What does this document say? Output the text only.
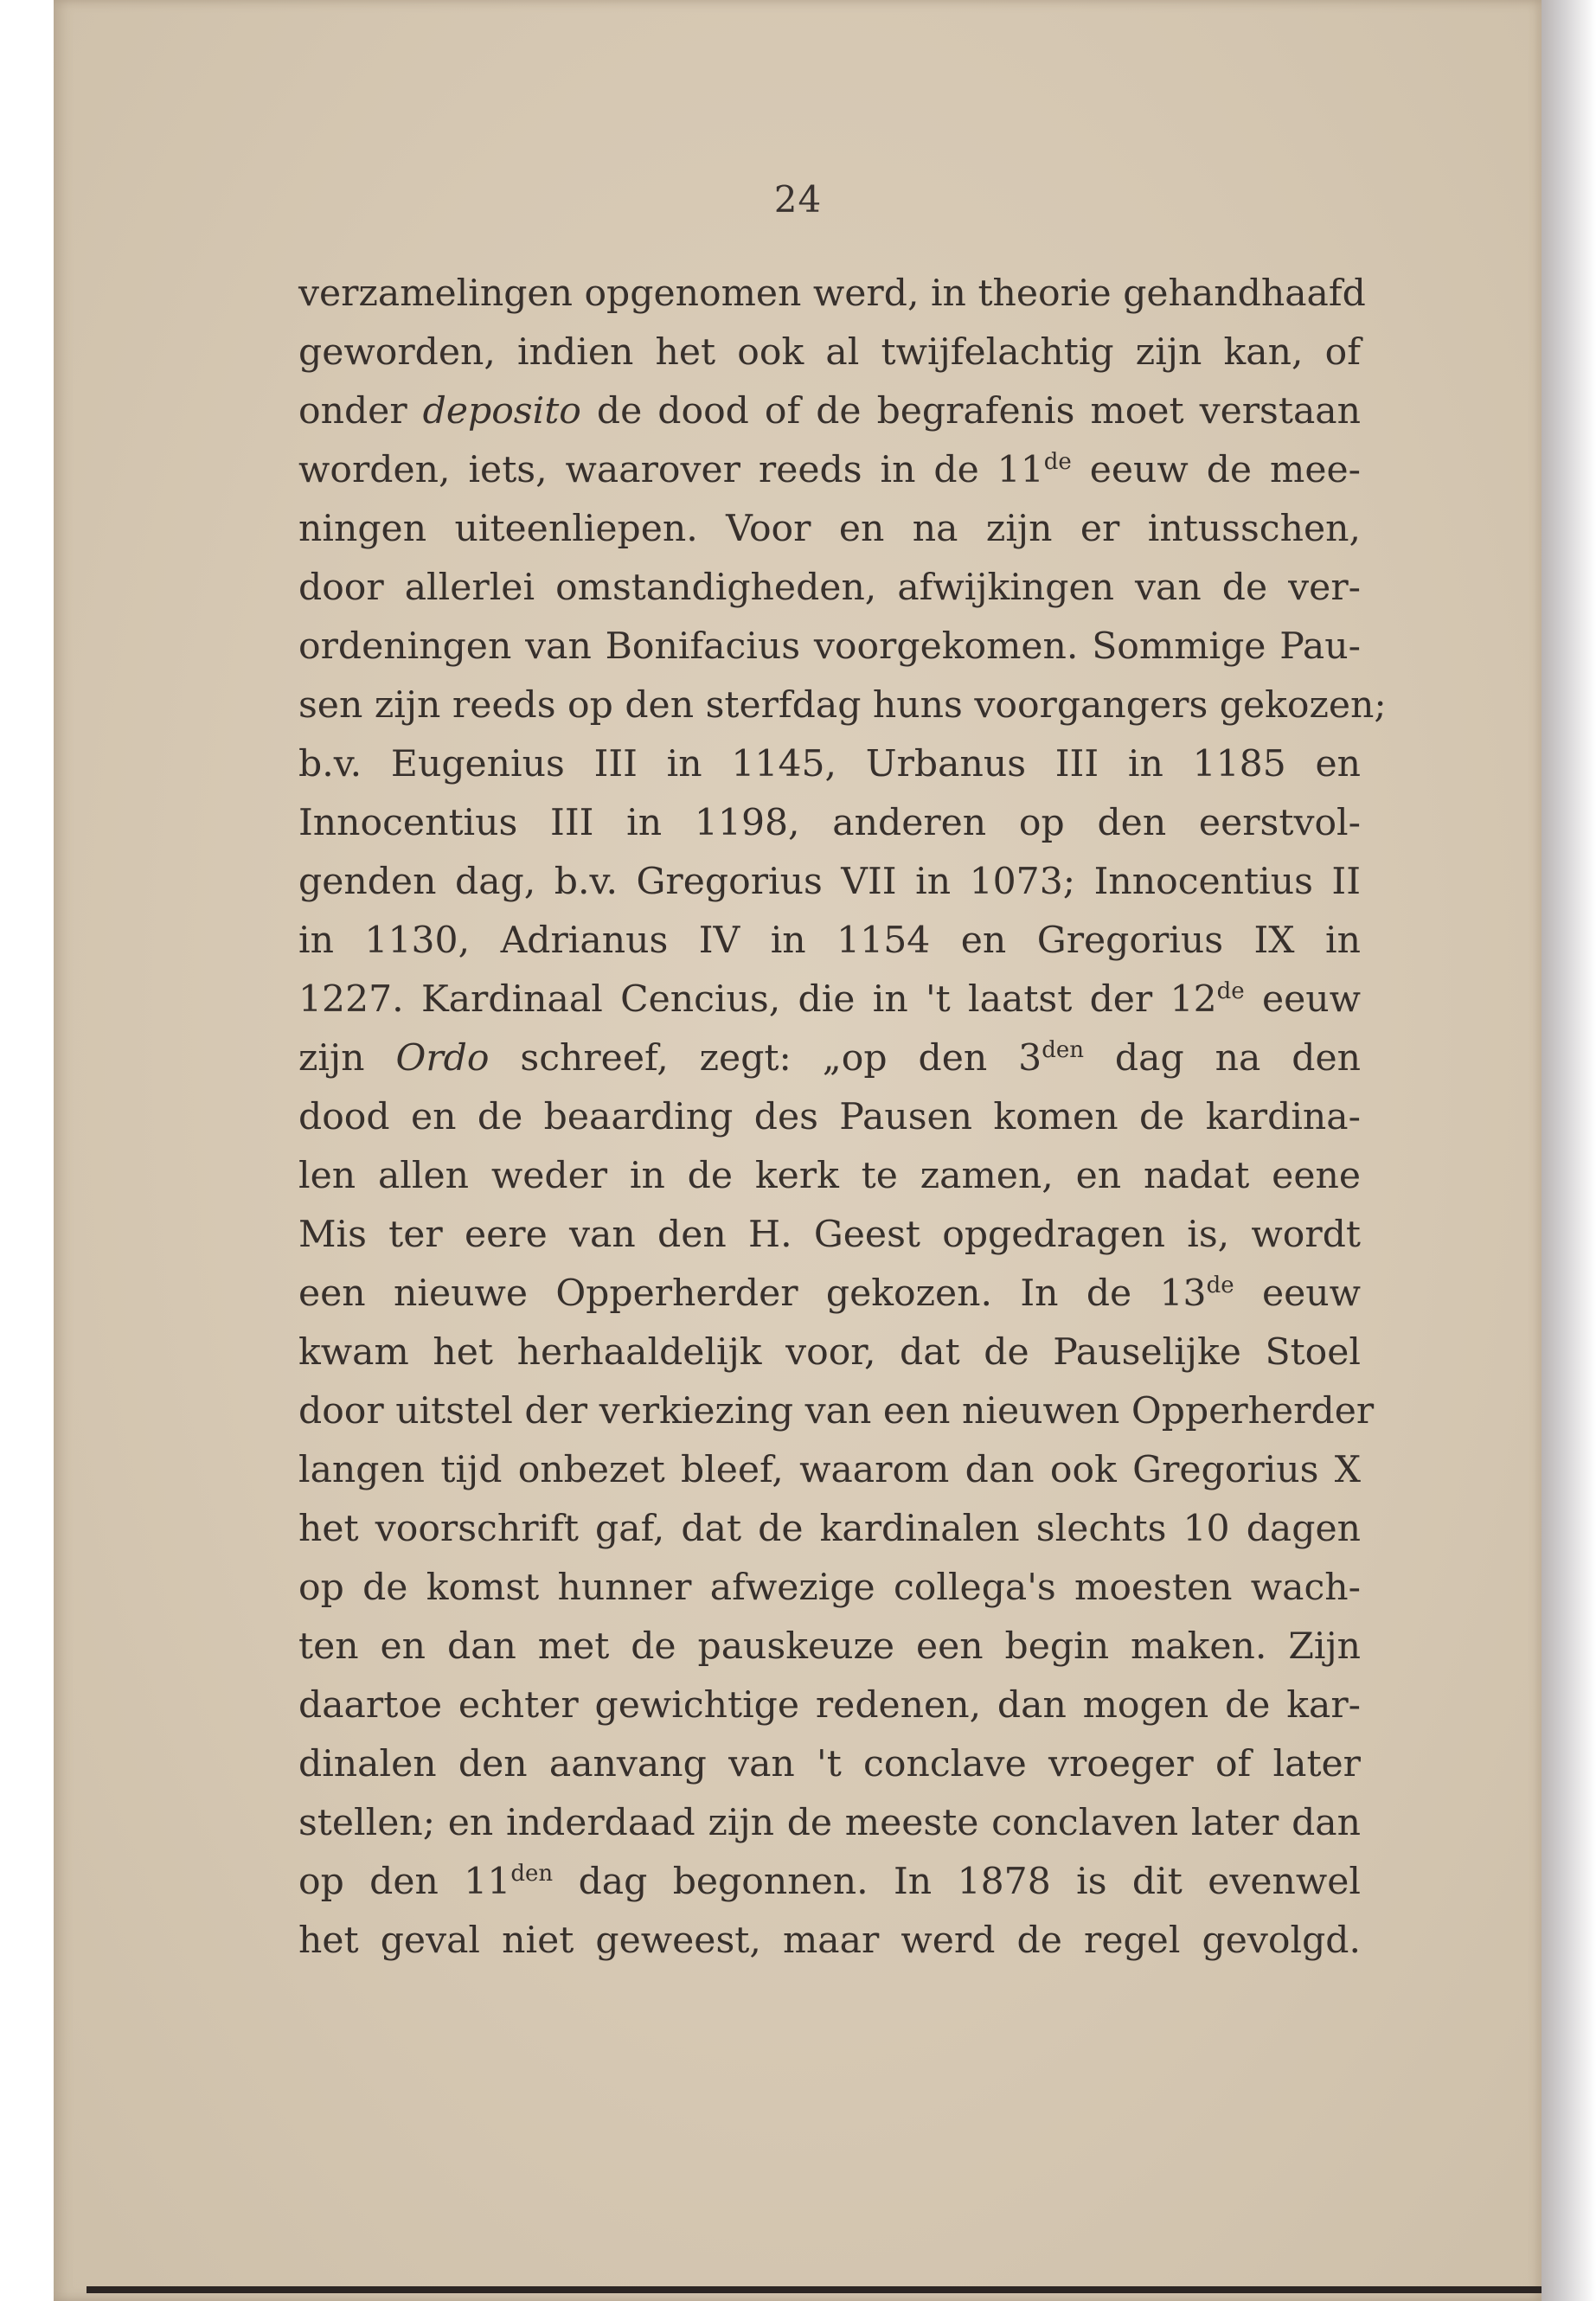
24
verzamelingen opgenomen werd, in theorie gehandhaafd
geworden, indien het ook al twijfelachtig zijn kan, of
onder deposito de dood of de begrafenis moet verstaan
worden, iets, waarover reeds in de 11de eeuw de mee-
ningen uiteenliepen. Voor en na zijn er intusschen,
door allerlei omstandigheden, afwijkingen van de ver-
ordeningen van Bonifacius voorgekomen. Sommige Pau-
sen zijn reeds op den sterfdag huns voorgangers gekozen;
b.v. Eugenius III in 1145, Urbanus III in 1185 en
Innocentius III in 1198, anderen op den eerstvol-
genden dag, b.v. Gregorius VII in 1073; Innocentius II
in 1130, Adrianus IV in 1154 en Gregorius IX in
1227. Kardinaal Cencius, die in 't laatst der 12de eeuw
zijn Ordo schreef, zegt: „op den $3^{den}$ dag na den
dood en de beaarding des Pausen komen de kardina-
len allen weder in de kerk te zamen, en nadat eene
Mis ter eere van den H. Geest opgedragen is, wordt
een nieuwe Opperherder gekozen. In de 13de eeuw
kwam het herhaaldelijk voor, dat de Pauselijke Stoel
door uitstel der verkiezing van een nieuwen Opperherder
langen tijd onbezet bleef, waarom dan ook Gregorius X
het voorschrift gaf, dat de kardinalen slechts 10 dagen
op de komst hunner afwezige collega's moesten wach-
ten en dan met de pauskeuze een begin maken. Zijn
daartoe echter gewichtige redenen, dan mogen de kar-
dinalen den aanvang van 't conclave vroeger of later
stellen; en inderdaad zijn de meeste conclaven later dan
op den $11^{den}$ dag begonnen. In 1878 is dit evenwel
het geval niet geweest, maar werd de regel gevolgd.
